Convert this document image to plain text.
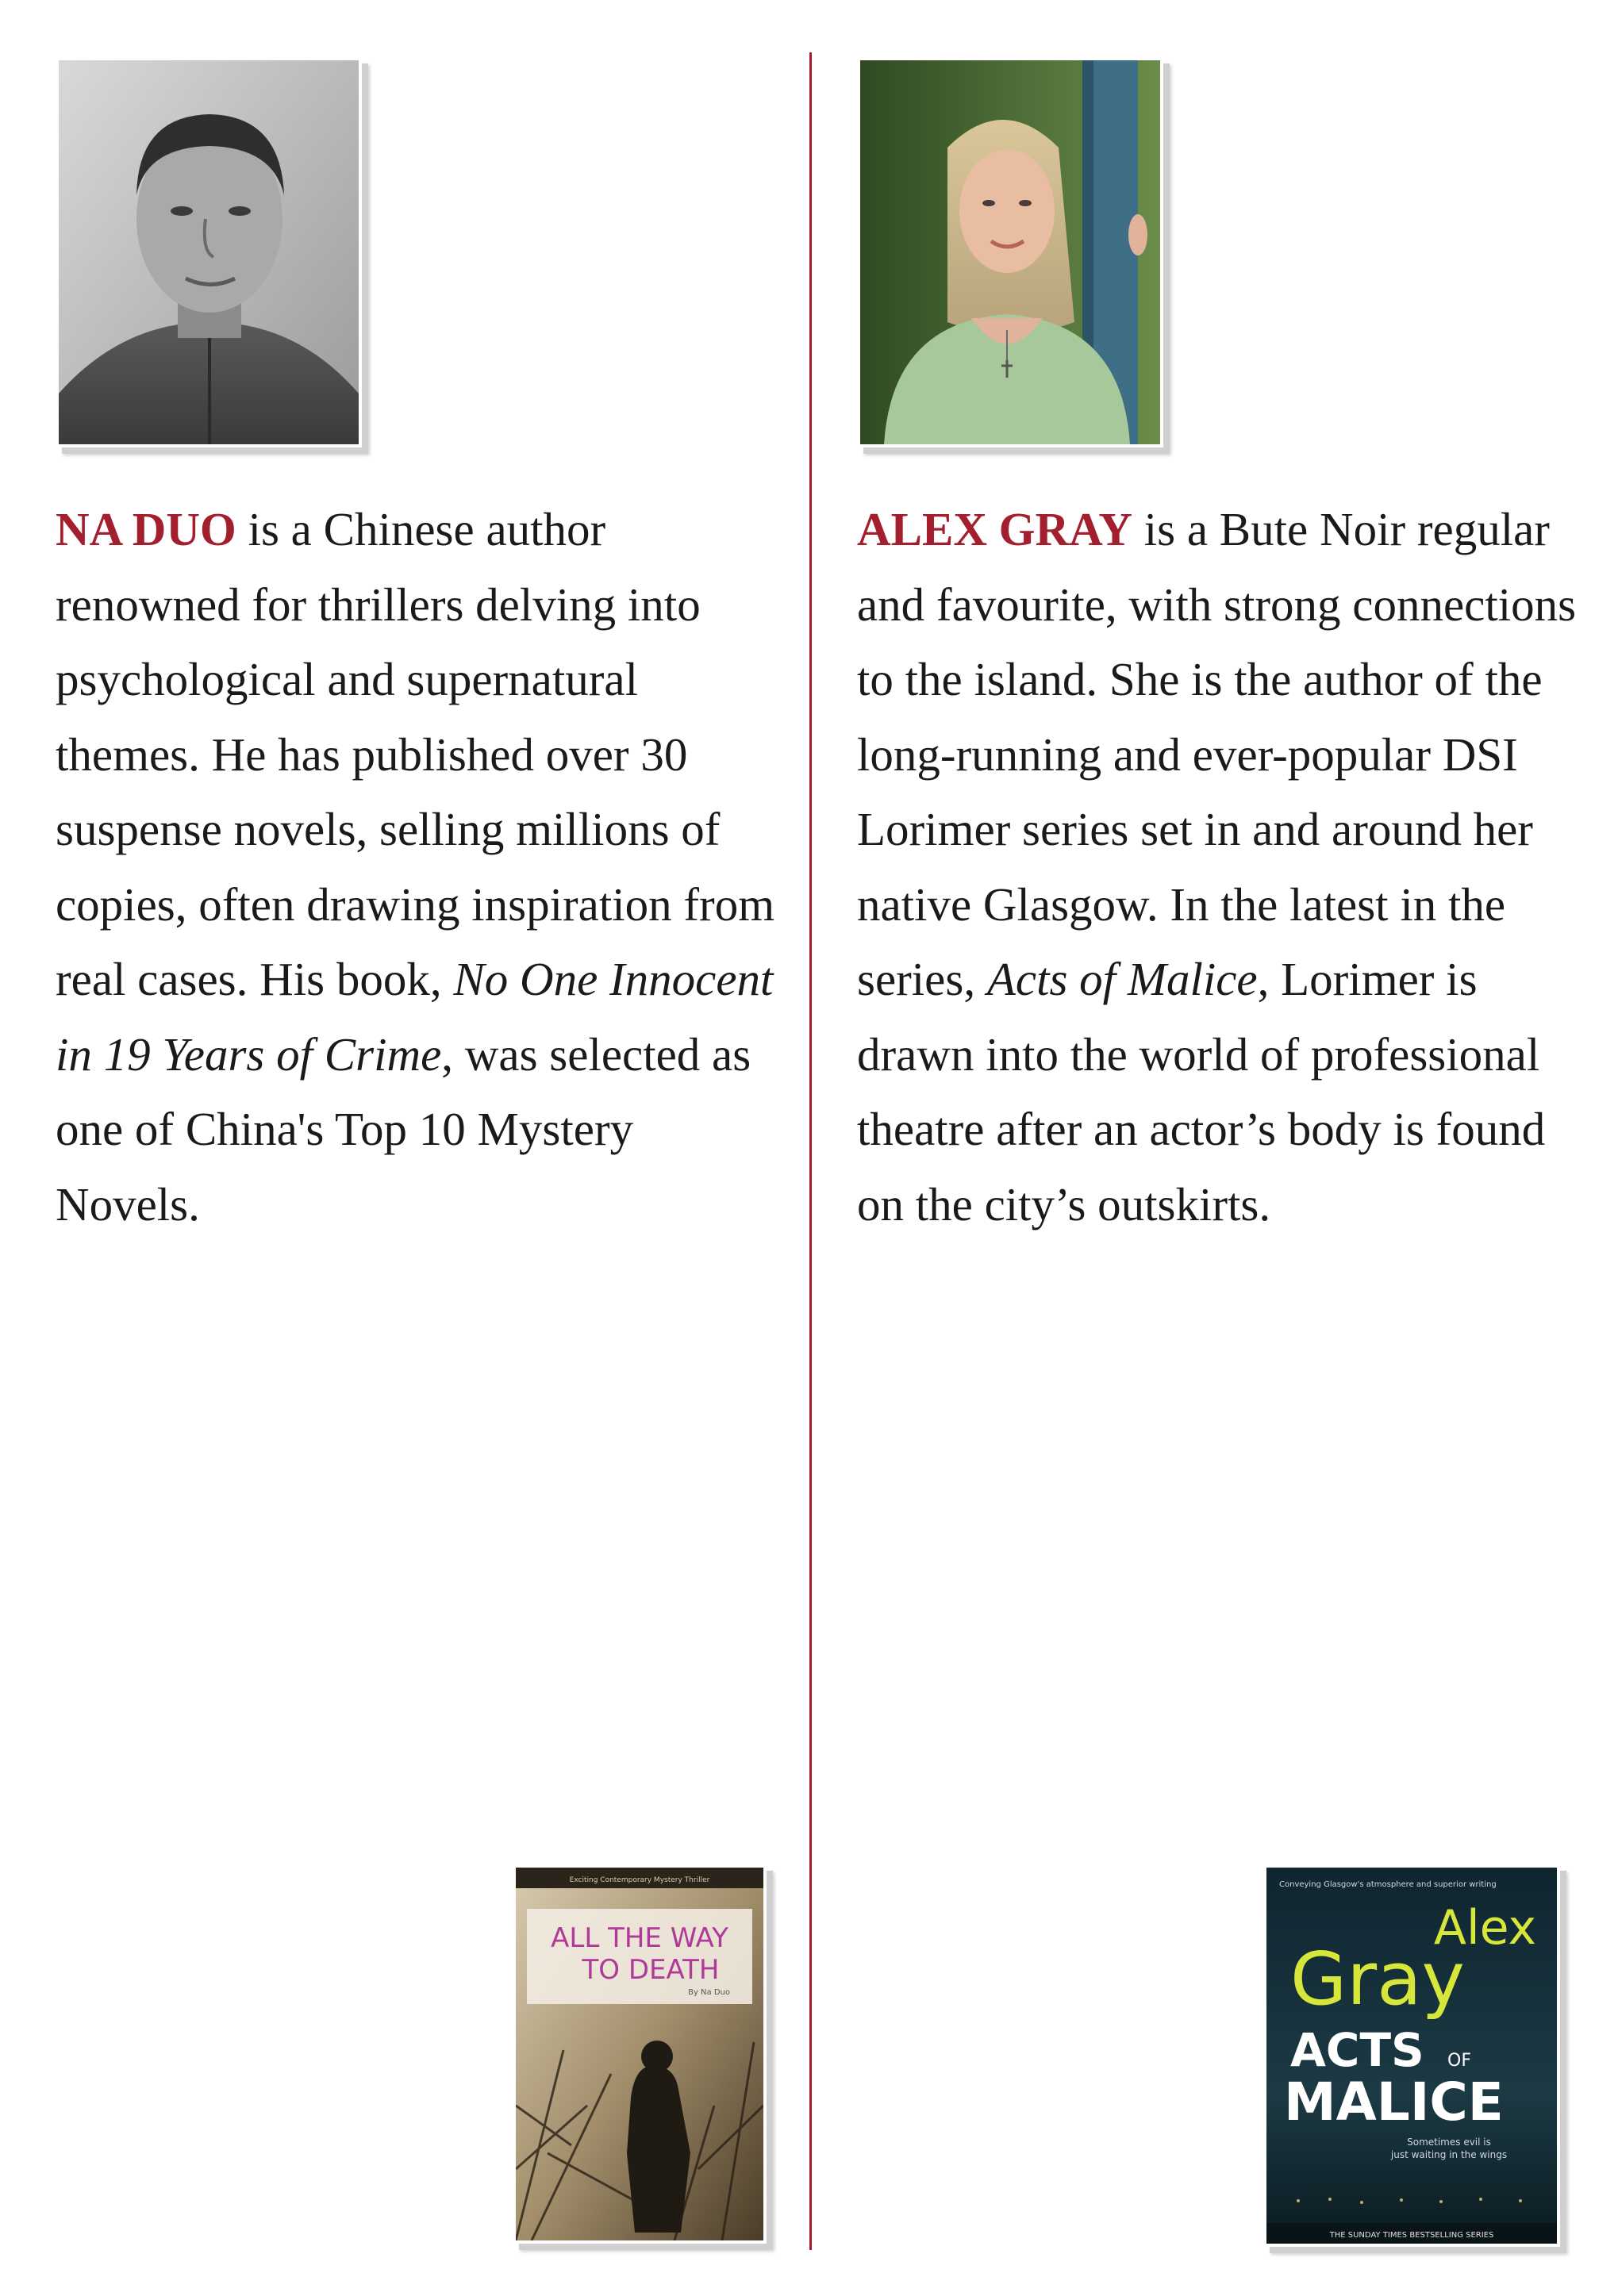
NA DUO is a Chinese author renowned for thrillers delving into psychological and supernatural themes. He has published over 30 suspense novels, selling millions of copies, often drawing inspiration from real cases. His book, No One Innocent in 19 Years of Crime, was selected as one of China's Top 10 Mystery Novels.
Exciting Contemporary Mystery Thriller
ALL THE WAY
TO DEATH
By Na Duo
ALEX GRAY is a Bute Noir regular and favourite, with strong connections to the island. She is the author of the long-running and ever-popular DSI Lorimer series set in and around her native Glasgow. In the latest in the series, Acts of Malice, Lorimer is drawn into the world of professional theatre after an actor’s body is found on the city’s outskirts.
Conveying Glasgow's atmosphere and superior writing
Alex
Gray
ACTS OF
MALICE
Sometimes evil is
just waiting in the wings
THE SUNDAY TIMES BESTSELLING SERIES
